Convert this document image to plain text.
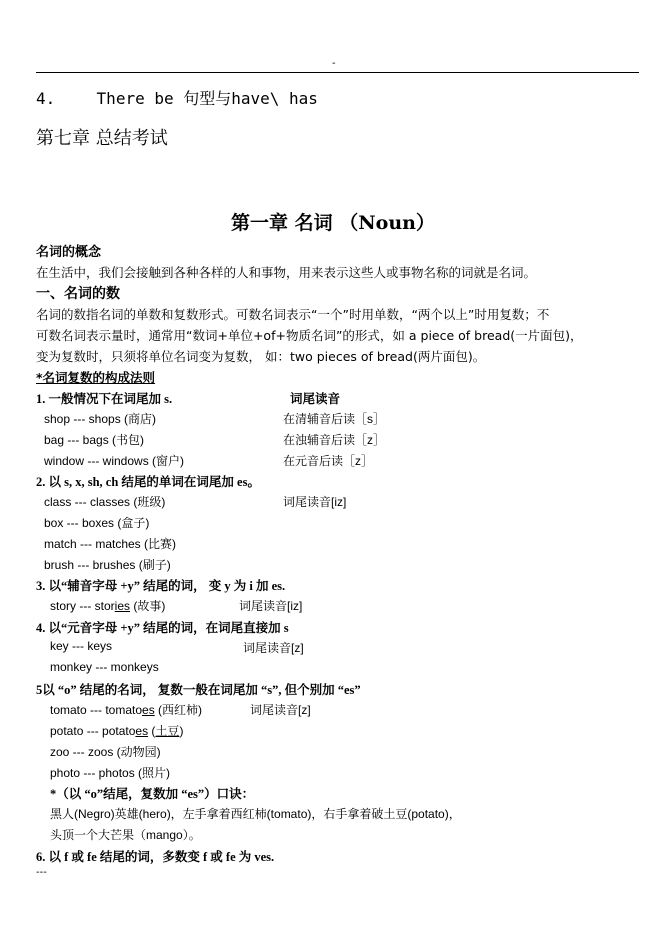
-
4.	There be 句型与have\ has
第七章 总结考试
第一章 名词 （Noun）
名词的概念
在生活中，我们会接触到各种各样的人和事物，用来表示这些人或事物名称的词就是名词。
一、名词的数
名词的数指名词的单数和复数形式。可数名词表示“一个”时用单数，“两个以上”时用复数；不
可数名词表示量时，通常用“数词+单位+of+物质名词”的形式，如 a piece of bread(一片面包)，
变为复数时，只须将单位名词变为复数， 如：two pieces of bread(两片面包)。
*名词复数的构成法则
1. 一般情况下在词尾加 s.	词尾读音
shop --- shops (商店)	在清辅音后读［s］
bag --- bags (书包)	在浊辅音后读［z］
window --- windows (窗户)	在元音后读［z］
2. 以 s, x, sh, ch 结尾的单词在词尾加 es。
class --- classes (班级)	词尾读音[iz]
box --- boxes (盒子)
match --- matches (比赛)
brush --- brushes (刷子)
3. 以“辅音字母 +y” 结尾的词， 变 y 为 i 加 es.
story --- stories (故事)	词尾读音[iz]
4. 以“元音字母 +y” 结尾的词，在词尾直接加 s
key --- keys	词尾读音[z]
monkey --- monkeys
5以 “o” 结尾的名词， 复数一般在词尾加 “s”, 但个别加 “es”
tomato --- tomatoes (西红柿)	词尾读音[z]
potato --- potatoes (土豆)
zoo --- zoos (动物园)
photo --- photos (照片)
*（以 “o”结尾，复数加 “es”）口诀：
黑人(Negro)英雄(hero)，左手拿着西红柿(tomato)，右手拿着破土豆(potato)，
头顶一个大芒果（mango）。
6. 以 f 或 fe 结尾的词，多数变 f 或 fe 为 ves.
---
